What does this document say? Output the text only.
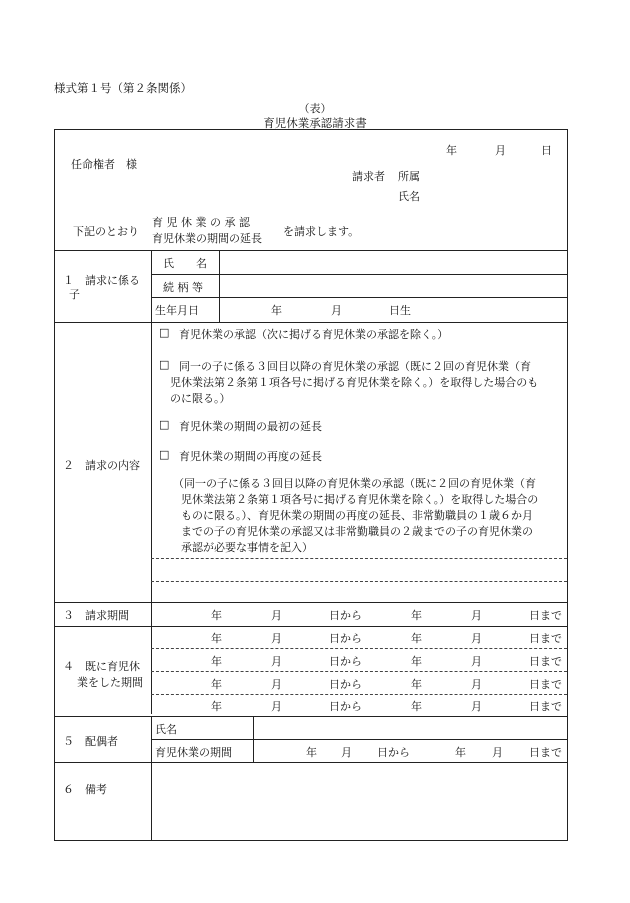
様式第１号（第２条関係）
（表）
育児休業承認請求書
年	月	日
任命権者　様
請求者 所属
氏名
下記のとおり
育 児 休 業 の 承 認
育児休業の期間の延長
を請求します。
１　請求に係る
子
氏　　名
続 柄 等
生年月日	年	月	日生
２　請求の内容
□ 育児休業の承認（次に掲げる育児休業の承認を除く。）
□ 同一の子に係る３回目以降の育児休業の承認（既に２回の育児休業（育
児休業法第２条第１項各号に掲げる育児休業を除く。）を取得した場合のも
のに限る。）
□ 育児休業の期間の最初の延長
□ 育児休業の期間の再度の延長
（同一の子に係る３回目以降の育児休業の承認（既に２回の育児休業（育
児休業法第２条第１項各号に掲げる育児休業を除く。）を取得した場合の
ものに限る。）、育児休業の期間の再度の延長、非常勤職員の１歳６か月
までの子の育児休業の承認又は非常勤職員の２歳までの子の育児休業の
承認が必要な事情を記入）
３　請求期間	年	月	日から	年	月	日まで
４　既に育児休
業をした期間
年	月	日から	年	月	日まで
年	月	日から	年	月	日まで
年	月	日から	年	月	日まで
年	月	日から	年	月	日まで
５　配偶者
氏名
育児休業の期間	年 月 日から	年 月 日まで
６　備考
